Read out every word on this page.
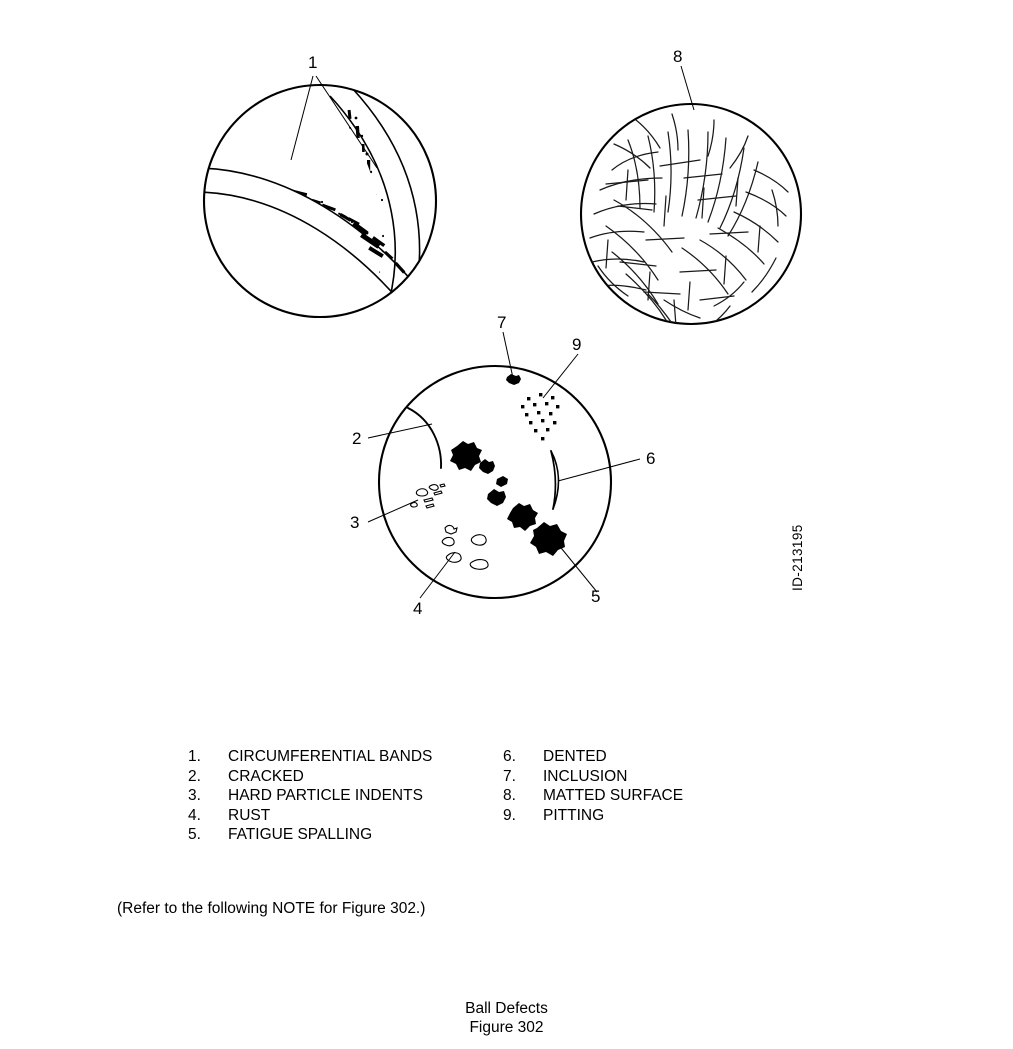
1	8
2
3
4
5
6
7
9
ID-213195
1.	CIRCUMFERENTIAL BANDS
2.	CRACKED
3.	HARD PARTICLE INDENTS
4.	RUST
5.	FATIGUE SPALLING
6.	DENTED
7.	INCLUSION
8.	MATTED SURFACE
9.	PITTING
(Refer to the following NOTE for Figure 302.)
Ball Defects
Figure 302
